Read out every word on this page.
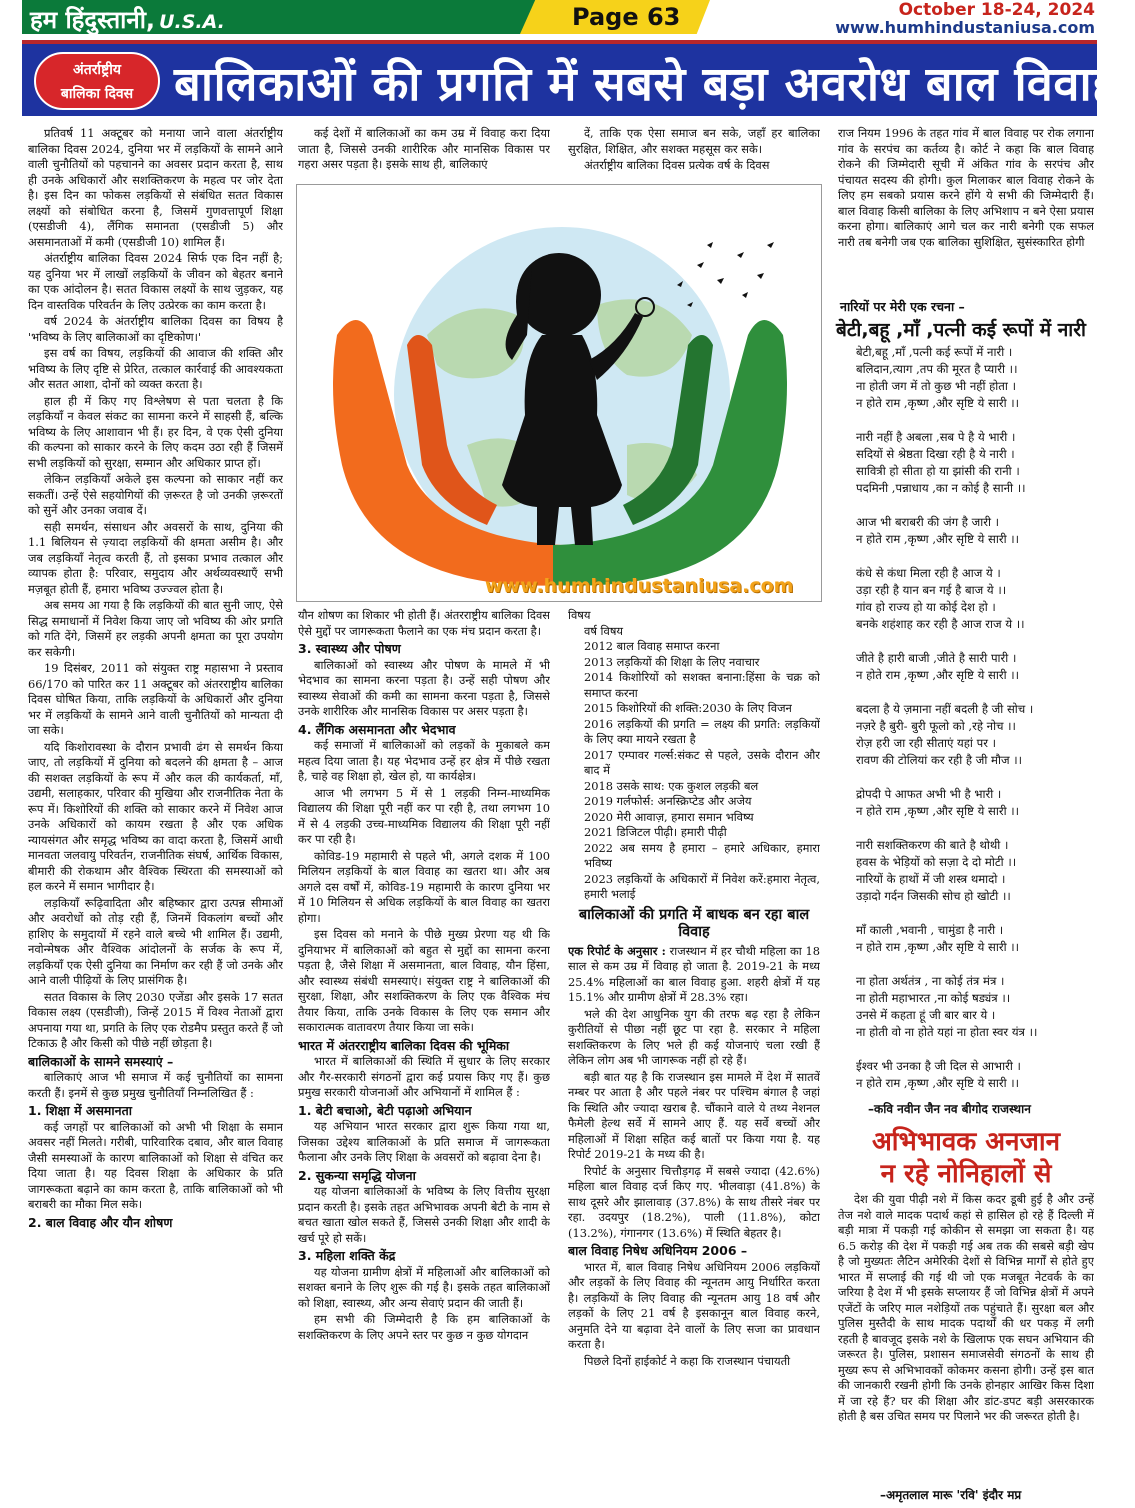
हम हिंदुस्तानी, U.S.A.	Page 63	October 18-24, 2024
www.humhindustaniusa.com
अंतर्राष्ट्रीय
बालिका दिवस बालिकाओं की प्रगति में सबसे बड़ा अवरोध बाल विवाह

प्रतिवर्ष 11 अक्टूबर को मनाया जाने वाला अंतर्राष्ट्रीय बालिका दिवस 2024, दुनिया भर में लड़कियों के सामने आने वाली चुनौतियों को पहचानने का अवसर प्रदान करता है, साथ ही उनके अधिकारों और सशक्तिकरण के महत्व पर जोर देता है। इस दिन का फोकस लड़कियों से संबंधित सतत विकास लक्ष्यों को संबोधित करना है, जिसमें गुणवत्तापूर्ण शिक्षा (एसडीजी 4), लैंगिक समानता (एसडीजी 5) और असमानताओं में कमी (एसडीजी 10) शामिल हैं।

अंतर्राष्ट्रीय बालिका दिवस 2024 सिर्फ एक दिन नहीं है; यह दुनिया भर में लाखों लड़कियों के जीवन को बेहतर बनाने का एक आंदोलन है। सतत विकास लक्ष्यों के साथ जुड़कर, यह दिन वास्तविक परिवर्तन के लिए उत्प्रेरक का काम करता है।

वर्ष 2024 के अंतर्राष्ट्रीय बालिका दिवस का विषय है 'भविष्य के लिए बालिकाओं का दृष्टिकोण।'

इस वर्ष का विषय, लड़कियों की आवाज की शक्ति और भविष्य के लिए दृष्टि से प्रेरित, तत्काल कार्रवाई की आवश्यकता और सतत आशा, दोनों को व्यक्त करता है।

हाल ही में किए गए विश्लेषण से पता चलता है कि लड़कियाँ न केवल संकट का सामना करने में साहसी हैं, बल्कि भविष्य के लिए आशावान भी हैं। हर दिन, वे एक ऐसी दुनिया की कल्पना को साकार करने के लिए कदम उठा रही हैं जिसमें सभी लड़कियों को सुरक्षा, सम्मान और अधिकार प्राप्त हों।

लेकिन लड़कियाँ अकेले इस कल्पना को साकार नहीं कर सकतीं। उन्हें ऐसे सहयोगियों की ज़रूरत है जो उनकी ज़रूरतों को सुनें और उनका जवाब दें।

सही समर्थन, संसाधन और अवसरों के साथ, दुनिया की 1.1 बिलियन से ज़्यादा लड़कियों की क्षमता असीम है। और जब लड़कियाँ नेतृत्व करती हैं, तो इसका प्रभाव तत्काल और व्यापक होता है: परिवार, समुदाय और अर्थव्यवस्थाएँ सभी मज़बूत होती हैं, हमारा भविष्य उज्ज्वल होता है।

अब समय आ गया है कि लड़कियों की बात सुनी जाए, ऐसे सिद्ध समाधानों में निवेश किया जाए जो भविष्य की ओर प्रगति को गति देंगे, जिसमें हर लड़की अपनी क्षमता का पूरा उपयोग कर सकेगी।

19 दिसंबर, 2011 को संयुक्त राष्ट्र महासभा ने प्रस्ताव 66/170 को पारित कर 11 अक्टूबर को अंतरराष्ट्रीय बालिका दिवस घोषित किया, ताकि लड़कियों के अधिकारों और दुनिया भर में लड़कियों के सामने आने वाली चुनौतियों को मान्यता दी जा सके।

यदि किशोरावस्था के दौरान प्रभावी ढंग से समर्थन किया जाए, तो लड़कियों में दुनिया को बदलने की क्षमता है – आज की सशक्त लड़कियों के रूप में और कल की कार्यकर्ता, माँ, उद्यमी, सलाहकार, परिवार की मुखिया और राजनीतिक नेता के रूप में। किशोरियों की शक्ति को साकार करने में निवेश आज उनके अधिकारों को कायम रखता है और एक अधिक न्यायसंगत और समृद्ध भविष्य का वादा करता है, जिसमें आधी मानवता जलवायु परिवर्तन, राजनीतिक संघर्ष, आर्थिक विकास, बीमारी की रोकथाम और वैश्विक स्थिरता की समस्याओं को हल करने में समान भागीदार है।

लड़कियाँ रूढ़िवादिता और बहिष्कार द्वारा उत्पन्न सीमाओं और अवरोधों को तोड़ रही हैं, जिनमें विकलांग बच्चों और हाशिए के समुदायों में रहने वाले बच्चे भी शामिल हैं। उद्यमी, नवोन्मेषक और वैश्विक आंदोलनों के सर्जक के रूप में, लड़कियाँ एक ऐसी दुनिया का निर्माण कर रही हैं जो उनके और आने वाली पीढ़ियों के लिए प्रासंगिक है।

सतत विकास के लिए 2030 एजेंडा और इसके 17 सतत विकास लक्ष्य (एसडीजी), जिन्हें 2015 में विश्व नेताओं द्वारा अपनाया गया था, प्रगति के लिए एक रोडमैप प्रस्तुत करते हैं जो टिकाऊ है और किसी को पीछे नहीं छोड़ता है।

बालिकाओं के सामने समस्याएं –

बालिकाएं आज भी समाज में कई चुनौतियों का सामना करती हैं। इनमें से कुछ प्रमुख चुनौतियाँ निम्नलिखित हैं :

1. शिक्षा में असमानता

कई जगहों पर बालिकाओं को अभी भी शिक्षा के समान अवसर नहीं मिलते। गरीबी, पारिवारिक दबाव, और बाल विवाह जैसी समस्याओं के कारण बालिकाओं को शिक्षा से वंचित कर दिया जाता है। यह दिवस शिक्षा के अधिकार के प्रति जागरूकता बढ़ाने का काम करता है, ताकि बालिकाओं को भी बराबरी का मौका मिल सके।

2. बाल विवाह और यौन शोषण

कई देशों में बालिकाओं का कम उम्र में विवाह करा दिया जाता है, जिससे उनकी शारीरिक और मानसिक विकास पर गहरा असर पड़ता है। इसके साथ ही, बालिकाएं

दें, ताकि एक ऐसा समाज बन सके, जहाँ हर बालिका सुरक्षित, शिक्षित, और सशक्त महसूस कर सके।

अंतर्राष्ट्रीय बालिका दिवस प्रत्येक वर्ष के दिवस

www.humhindustaniusa.com

यौन शोषण का शिकार भी होती हैं। अंतरराष्ट्रीय बालिका दिवस ऐसे मुद्दों पर जागरूकता फैलाने का एक मंच प्रदान करता है।

3. स्वास्थ्य और पोषण

बालिकाओं को स्वास्थ्य और पोषण के मामले में भी भेदभाव का सामना करना पड़ता है। उन्हें सही पोषण और स्वास्थ्य सेवाओं की कमी का सामना करना पड़ता है, जिससे उनके शारीरिक और मानसिक विकास पर असर पड़ता है।

4. लैंगिक असमानता और भेदभाव

कई समाजों में बालिकाओं को लड़कों के मुकाबले कम महत्व दिया जाता है। यह भेदभाव उन्हें हर क्षेत्र में पीछे रखता है, चाहे वह शिक्षा हो, खेल हो, या कार्यक्षेत्र।

आज भी लगभग 5 में से 1 लड़की निम्न-माध्यमिक विद्यालय की शिक्षा पूरी नहीं कर पा रही है, तथा लगभग 10 में से 4 लड़की उच्च-माध्यमिक विद्यालय की शिक्षा पूरी नहीं कर पा रही है।

कोविड-19 महामारी से पहले भी, अगले दशक में 100 मिलियन लड़कियों के बाल विवाह का खतरा था। और अब अगले दस वर्षों में, कोविड-19 महामारी के कारण दुनिया भर में 10 मिलियन से अधिक लड़कियों के बाल विवाह का खतरा होगा।

इस दिवस को मनाने के पीछे मुख्य प्रेरणा यह थी कि दुनियाभर में बालिकाओं को बहुत से मुद्दों का सामना करना पड़ता है, जैसे शिक्षा में असमानता, बाल विवाह, यौन हिंसा, और स्वास्थ्य संबंधी समस्याएं। संयुक्त राष्ट्र ने बालिकाओं की सुरक्षा, शिक्षा, और सशक्तिकरण के लिए एक वैश्विक मंच तैयार किया, ताकि उनके विकास के लिए एक समान और सकारात्मक वातावरण तैयार किया जा सके।

भारत में अंतरराष्ट्रीय बालिका दिवस की भूमिका

भारत में बालिकाओं की स्थिति में सुधार के लिए सरकार और गैर-सरकारी संगठनों द्वारा कई प्रयास किए गए हैं। कुछ प्रमुख सरकारी योजनाओं और अभियानों में शामिल हैं :

1. बेटी बचाओ, बेटी पढ़ाओ अभियान

यह अभियान भारत सरकार द्वारा शुरू किया गया था, जिसका उद्देश्य बालिकाओं के प्रति समाज में जागरूकता फैलाना और उनके लिए शिक्षा के अवसरों को बढ़ावा देना है।

2. सुकन्या समृद्धि योजना

यह योजना बालिकाओं के भविष्य के लिए वित्तीय सुरक्षा प्रदान करती है। इसके तहत अभिभावक अपनी बेटी के नाम से बचत खाता खोल सकते हैं, जिससे उनकी शिक्षा और शादी के खर्च पूरे हो सकें।

3. महिला शक्ति केंद्र

यह योजना ग्रामीण क्षेत्रों में महिलाओं और बालिकाओं को सशक्त बनाने के लिए शुरू की गई है। इसके तहत बालिकाओं को शिक्षा, स्वास्थ्य, और अन्य सेवाएं प्रदान की जाती हैं।

हम सभी की जिम्मेदारी है कि हम बालिकाओं के सशक्तिकरण के लिए अपने स्तर पर कुछ न कुछ योगदान

विषय
वर्ष विषय
2012 बाल विवाह समाप्त करना
2013 लड़कियों की शिक्षा के लिए नवाचार
2014 किशोरियों को सशक्त बनाना:हिंसा के चक्र को समाप्त करना
2015 किशोरियों की शक्ति:2030 के लिए विजन
2016 लड़कियों की प्रगति = लक्ष्य की प्रगति: लड़कियों के लिए क्या मायने रखता है
2017 एम्पावर गर्ल्स:संकट से पहले, उसके दौरान और बाद में
2018 उसके साथ: एक कुशल लड़की बल
2019 गर्लफोर्स: अनस्क्रिप्टेड और अजेय
2020 मेरी आवाज़, हमारा समान भविष्य
2021 डिजिटल पीढ़ी। हमारी पीढ़ी
2022 अब समय है हमारा – हमारे अधिकार, हमारा भविष्य
2023 लड़कियों के अधिकारों में निवेश करें:हमारा नेतृत्व, हमारी भलाई
बालिकाओं की प्रगति में बाधक बन रहा बाल विवाह

एक रिपोर्ट के अनुसार : राजस्थान में हर चौथी महिला का 18 साल से कम उम्र में विवाह हो जाता है. 2019-21 के मध्य 25.4% महिलाओं का बाल विवाह हुआ. शहरी क्षेत्रों में यह 15.1% और ग्रामीण क्षेत्रों में 28.3% रहा।

भले की देश आधुनिक युग की तरफ बढ़ रहा है लेकिन कुरीतियों से पीछा नहीं छूट पा रहा है. सरकार ने महिला सशक्तिकरण के लिए भले ही कई योजनाएं चला रखी हैं लेकिन लोग अब भी जागरूक नहीं हो रहे हैं।

बड़ी बात यह है कि राजस्थान इस मामले में देश में सातवें नम्बर पर आता है और पहले नंबर पर पश्चिम बंगाल है जहां कि स्थिति और ज्यादा खराब है. चौंकाने वाले ये तथ्य नेशनल फैमेली हेल्थ सर्वे में सामने आए हैं. यह सर्वे बच्चों और महिलाओं में शिक्षा सहित कई बातों पर किया गया है. यह रिपोर्ट 2019-21 के मध्य की है।

रिपोर्ट के अनुसार चित्तौड़गढ़ में सबसे ज्यादा (42.6%) महिला बाल विवाह दर्ज किए गए. भीलवाड़ा (41.8%) के साथ दूसरे और झालावाड़ (37.8%) के साथ तीसरे नंबर पर रहा. उदयपुर (18.2%), पाली (11.8%), कोटा (13.2%), गंगानगर (13.6%) में स्थिति बेहतर है।

बाल विवाह निषेध अधिनियम 2006 –

भारत में, बाल विवाह निषेध अधिनियम 2006 लड़कियों और लड़कों के लिए विवाह की न्यूनतम आयु निर्धारित करता है। लड़कियों के लिए विवाह की न्यूनतम आयु 18 वर्ष और लड़कों के लिए 21 वर्ष है इसकानून बाल विवाह करने, अनुमति देने या बढ़ावा देने वालों के लिए सजा का प्रावधान करता है।

पिछले दिनों हाईकोर्ट ने कहा कि राजस्थान पंचायती

राज नियम 1996 के तहत गांव में बाल विवाह पर रोक लगाना गांव के सरपंच का कर्तव्य है। कोर्ट ने कहा कि बाल विवाह रोकने की जिम्मेदारी सूची में अंकित गांव के सरपंच और पंचायत सदस्य की होगी। कुल मिलाकर बाल विवाह रोकने के लिए हम सबको प्रयास करने होंगे ये सभी की जिम्मेदारी हैं। बाल विवाह किसी बालिका के लिए अभिशाप न बने ऐसा प्रयास करना होगा। बालिकाएं आगे चल कर नारी बनेगी एक सफल नारी तब बनेगी जब एक बालिका सुशिक्षित, सुसंस्कारित होगी

नारियों पर मेरी एक रचना –
बेटी,बहू ,माँ ,पत्नी कई रूपों में नारी
बेटी,बहू ,माँ ,पत्नी कई रूपों में नारी ।
बलिदान,त्याग ,तप की मूरत है प्यारी ।।
ना होती जग में तो कुछ भी नहीं होता ।
न होते राम ,कृष्ण ,और सृष्टि ये सारी ।।
नारी नहीं है अबला ,सब पे है ये भारी ।
सदियों से श्रेष्ठता दिखा रही है ये नारी ।
सावित्री हो सीता हो या झांसी की रानी ।
पदमिनी ,पन्नाधाय ,का न कोई है सानी ।।
आज भी बराबरी की जंग है जारी ।
न होते राम ,कृष्ण ,और सृष्टि ये सारी ।।
कंधे से कंधा मिला रही है आज ये ।
उड़ा रही है यान बन गई है बाज ये ।।
गांव हो राज्य हो या कोई देश हो ।
बनके शहंशाह कर रही है आज राज ये ।।
जीते है हारी बाजी ,जीते है सारी पारी ।
न होते राम ,कृष्ण ,और सृष्टि ये सारी ।।
बदला है ये ज़माना नहीं बदली है जी सोच ।
नज़रे है बुरी- बुरी फूलो को ,रहे नोच ।।
रोज़ हरी जा रही सीताएं यहां पर ।
रावण की टोलियां कर रही है जी मौज ।।
द्रोपदी पे आफत अभी भी है भारी ।
न होते राम ,कृष्ण ,और सृष्टि ये सारी ।।
नारी सशक्तिकरण की बाते है थोथी ।
हवस के भेड़ियों को सज़ा दे दो मोटी ।।
नारियों के हाथों में जी शस्त्र थमादो ।
उड़ादो गर्दन जिसकी सोच हो खोटी ।।
माँ काली ,भवानी , चामुंडा है नारी ।
न होते राम ,कृष्ण ,और सृष्टि ये सारी ।।
ना होता अर्थतंत्र , ना कोई तंत्र मंत्र ।
ना होती महाभारत ,ना कोई षड्यंत्र ।।
उनसे में कहता हूं जी बार बार ये ।
ना होती वो ना होते यहां ना होता स्वर यंत्र ।।
ईश्वर भी उनका है जी दिल से आभारी ।
न होते राम ,कृष्ण ,और सृष्टि ये सारी ।।
–कवि नवीन जैन नव बीगोद राजस्थान
अभिभावक अनजान
न रहे नोनिहालों से

देश की युवा पीढ़ी नशे में किस कदर डूबी हुई है और उन्हें तेज नशे वाले मादक पदार्थ कहां से हासिल हो रहे हैं दिल्ली में बड़ी मात्रा में पकड़ी गई कोकीन से समझा जा सकता है। यह 6.5 करोड़ की देश में पकड़ी गई अब तक की सबसे बड़ी खेप है जो मुख्यतः लैटिन अमेरिकी देशों से विभिन्न मार्गों से होते हुए भारत में सप्लाई की गई थी जो एक मजबूत नेटवर्क के का जरिया है देश में भी इसके सप्लायर हैं जो विभिन्न क्षेत्रों में अपने एजेंटों के जरिए माल नशेड़ियों तक पहुंचाते हैं। सुरक्षा बल और पुलिस मुस्तैदी के साथ मादक पदार्थों की धर पकड़ में लगी रहती है बावजूद इसके नशे के खिलाफ एक सघन अभियान की जरूरत है। पुलिस, प्रशासन समाजसेवी संगठनों के साथ ही मुख्य रूप से अभिभावकों कोकमर कसना होगी। उन्हें इस बात की जानकारी रखनी होगी कि उनके होनहार आखिर किस दिशा में जा रहे हैं? घर की शिक्षा और डांट-डपट बड़ी असरकारक होती है बस उचित समय पर पिलाने भर की जरूरत होती है।

–अमृतलाल मारू 'रवि' इंदौर मप्र
